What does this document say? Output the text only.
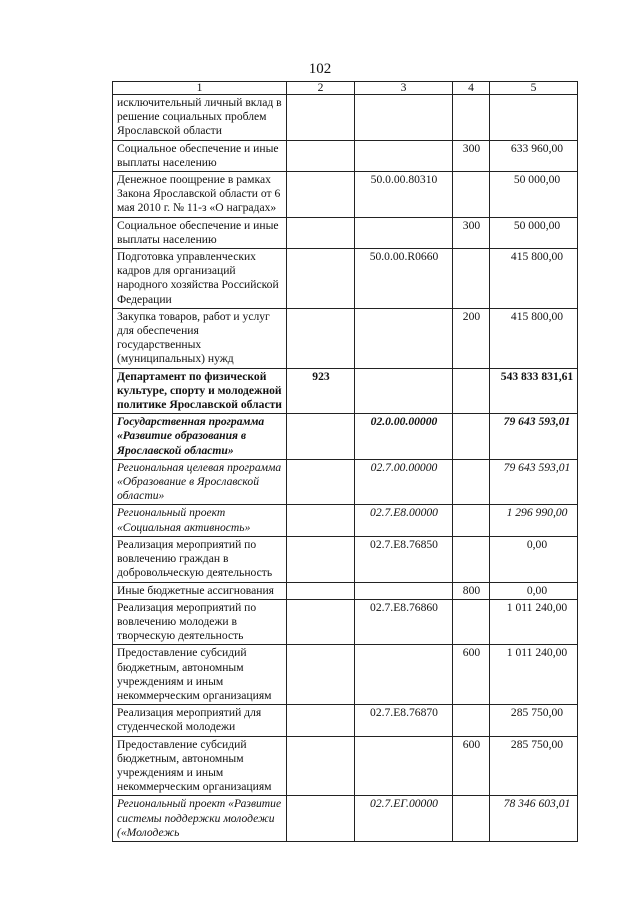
102
1	2	3	4	5
исключительный личный вклад в решение социальных проблем Ярославской области				
Социальное обеспечение и иные выплаты населению			300	633 960,00
Денежное поощрение в рамках Закона Ярославской области от 6 мая 2010 г. № 11-з «О наградах»		50.0.00.80310		50 000,00
Социальное обеспечение и иные выплаты населению			300	50 000,00
Подготовка управленческих кадров для организаций народного хозяйства Российской Федерации		50.0.00.R0660		415 800,00
Закупка товаров, работ и услуг для обеспечения государственных (муниципальных) нужд			200	415 800,00
Департамент по физической культуре, спорту и молодежной политике Ярославской области	923			543 833 831,61
Государственная программа «Развитие образования в Ярославской области»		02.0.00.00000		79 643 593,01
Региональная целевая программа «Образование в Ярославской области»		02.7.00.00000		79 643 593,01
Региональный проект «Социальная активность»		02.7.E8.00000		1 296 990,00
Реализация мероприятий по вовлечению граждан в добровольческую деятельность		02.7.E8.76850		0,00
Иные бюджетные ассигнования			800	0,00
Реализация мероприятий по вовлечению молодежи в творческую деятельность		02.7.E8.76860		1 011 240,00
Предоставление субсидий бюджетным, автономным учреждениям и иным некоммерческим организациям			600	1 011 240,00
Реализация мероприятий для студенческой молодежи		02.7.E8.76870		285 750,00
Предоставление субсидий бюджетным, автономным учреждениям и иным некоммерческим организациям			600	285 750,00
Региональный проект «Развитие системы поддержки молодежи («Молодежь		02.7.EГ.00000		78 346 603,01
